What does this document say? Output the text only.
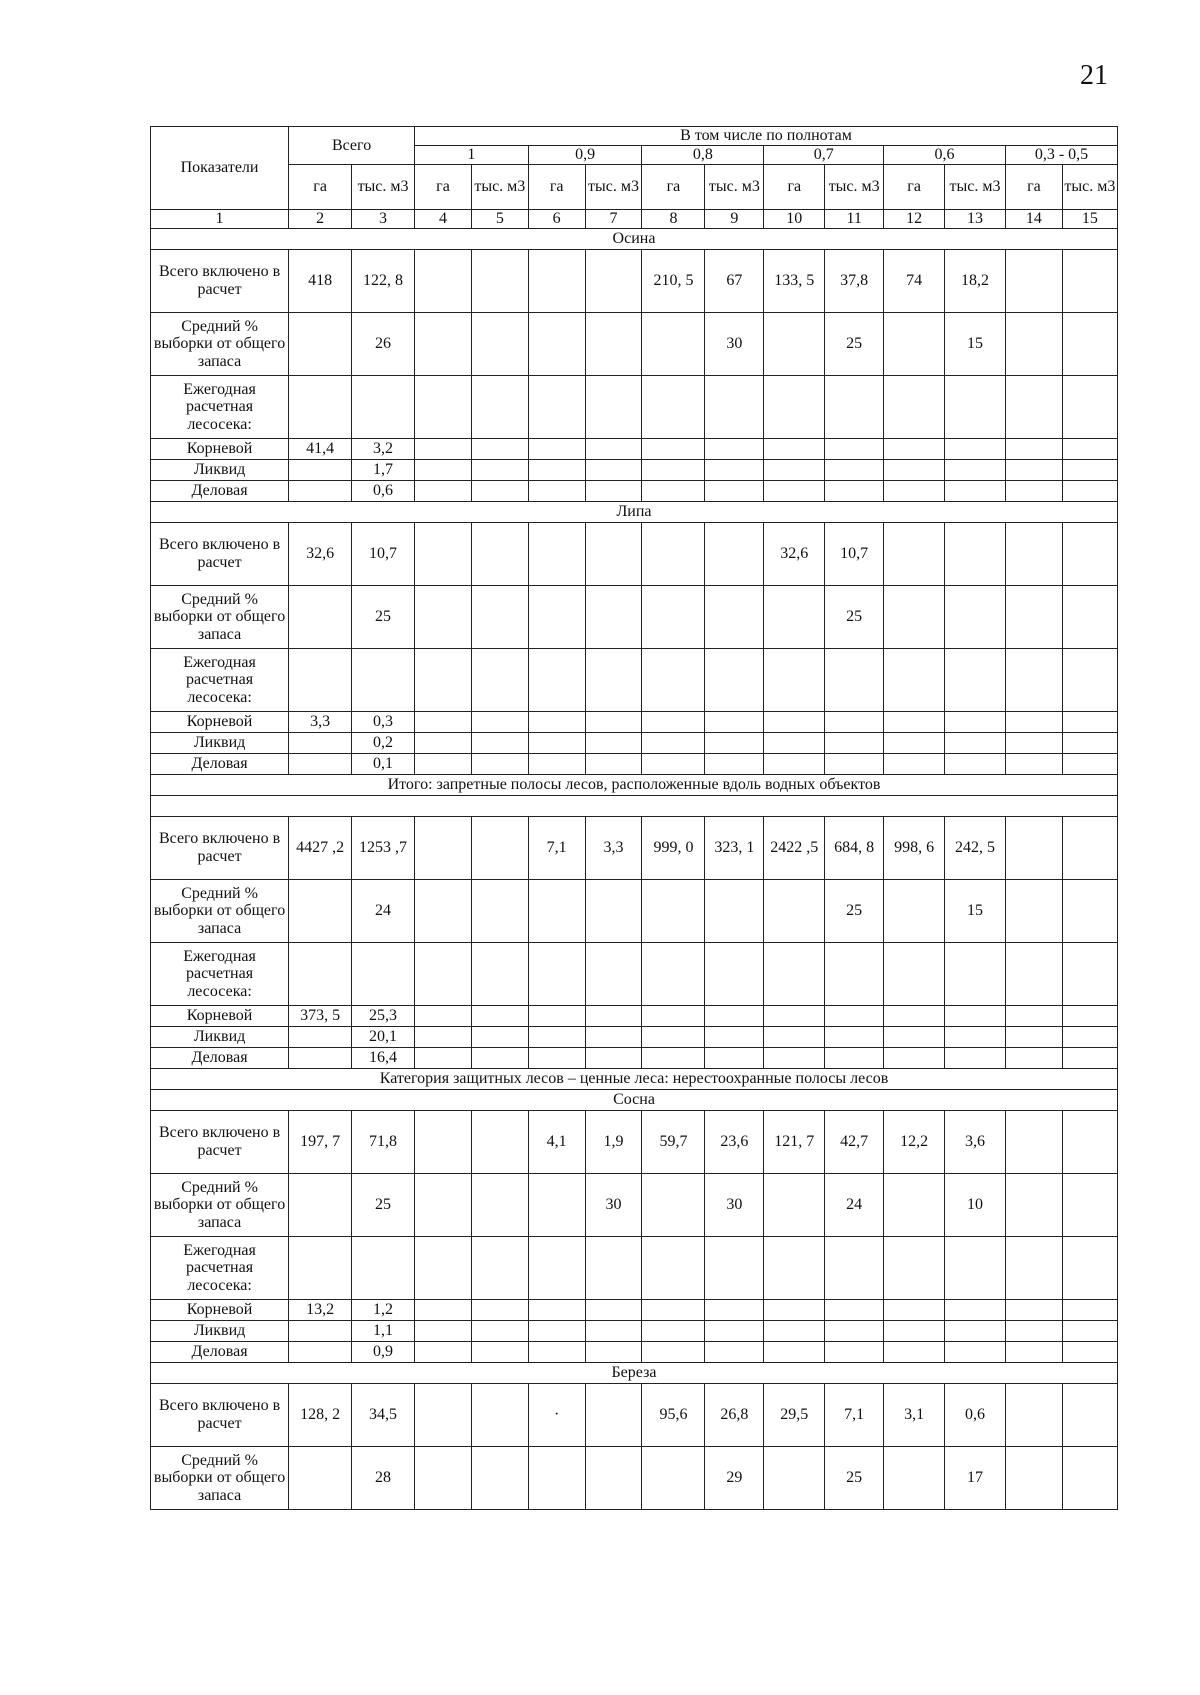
21
Показатели	Всего		В том числе по полнотам											
			1		0,9		0,8		0,7		0,6		0,3 - 0,5	
	га	тыс. м3	га	тыс. м3	га	тыс. м3	га	тыс. м3	га	тыс. м3	га	тыс. м3	га	тыс. м3
1	2	3	4	5	6	7	8	9	10	11	12	13	14	15
Осина														
Всего включено в расчет	418	122, 8					210, 5	67	133, 5	37,8	74	18,2		
Средний % выборки от общего запаса		26						30		25		15		
Ежегодная расчетная лесосека:														
Корневой	41,4	3,2												
Ликвид		1,7												
Деловая		0,6												
Липа														
Всего включено в расчет	32,6	10,7							32,6	10,7				
Средний % выборки от общего запаса		25								25				
Ежегодная расчетная лесосека:														
Корневой	3,3	0,3												
Ликвид		0,2												
Деловая		0,1												
Итого: запретные полосы лесов, расположенные вдоль водных объектов														

Всего включено в расчет	4427 ,2	1253 ,7			7,1	3,3	999, 0	323, 1	2422 ,5	684, 8	998, 6	242, 5		
Средний % выборки от общего запаса		24								25		15		
Ежегодная расчетная лесосека:														
Корневой	373, 5	25,3												
Ликвид		20,1												
Деловая		16,4												
Категория защитных лесов – ценные леса: нерестоохранные полосы лесов														
Сосна														
Всего включено в расчет	197, 7	71,8			4,1	1,9	59,7	23,6	121, 7	42,7	12,2	3,6		
Средний % выборки от общего запаса		25				30		30		24		10		
Ежегодная расчетная лесосека:														
Корневой	13,2	1,2												
Ликвид		1,1												
Деловая		0,9												
Береза														
Всего включено в расчет	128, 2	34,5			·		95,6	26,8	29,5	7,1	3,1	0,6		
Средний % выборки от общего запаса		28						29		25		17		
